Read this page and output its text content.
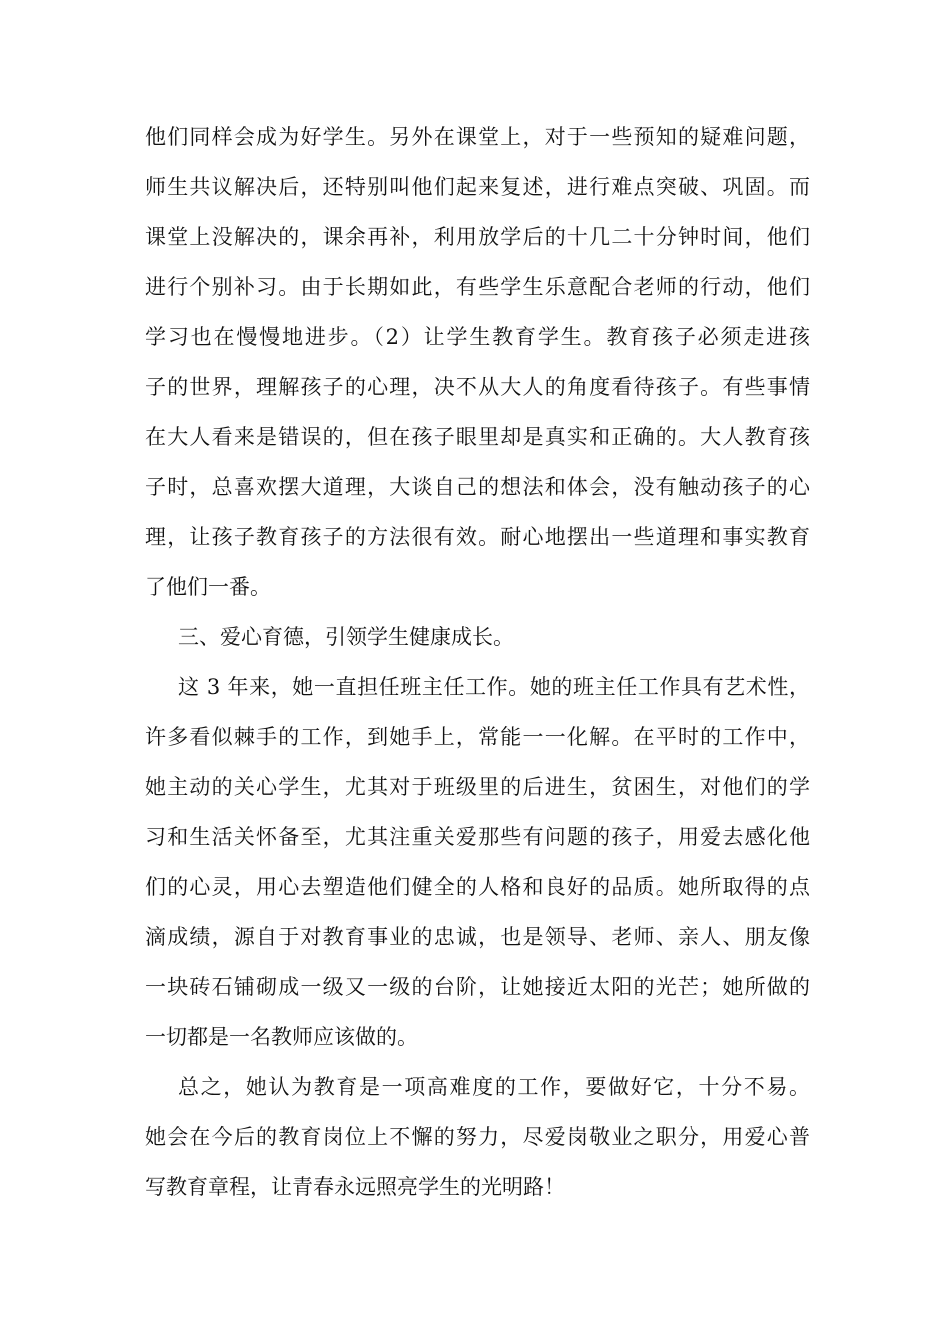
他们同样会成为好学生。另外在课堂上，对于一些预知的疑难问题，
师生共议解决后，还特别叫他们起来复述，进行难点突破、巩固。而
课堂上没解决的，课余再补，利用放学后的十几二十分钟时间，他们
进行个别补习。由于长期如此，有些学生乐意配合老师的行动，他们
学习也在慢慢地进步。（2）让学生教育学生。教育孩子必须走进孩
子的世界，理解孩子的心理，决不从大人的角度看待孩子。有些事情
在大人看来是错误的，但在孩子眼里却是真实和正确的。大人教育孩
子时，总喜欢摆大道理，大谈自己的想法和体会，没有触动孩子的心
理，让孩子教育孩子的方法很有效。耐心地摆出一些道理和事实教育
了他们一番。
三、爱心育德，引领学生健康成长。
这 3 年来，她一直担任班主任工作。她的班主任工作具有艺术性，
许多看似棘手的工作，到她手上，常能一一化解。在平时的工作中，
她主动的关心学生，尤其对于班级里的后进生，贫困生，对他们的学
习和生活关怀备至，尤其注重关爱那些有问题的孩子，用爱去感化他
们的心灵，用心去塑造他们健全的人格和良好的品质。她所取得的点
滴成绩，源自于对教育事业的忠诚，也是领导、老师、亲人、朋友像
一块砖石铺砌成一级又一级的台阶，让她接近太阳的光芒；她所做的
一切都是一名教师应该做的。
总之，她认为教育是一项高难度的工作，要做好它，十分不易。
她会在今后的教育岗位上不懈的努力，尽爱岗敬业之职分，用爱心普
写教育章程，让青春永远照亮学生的光明路！
